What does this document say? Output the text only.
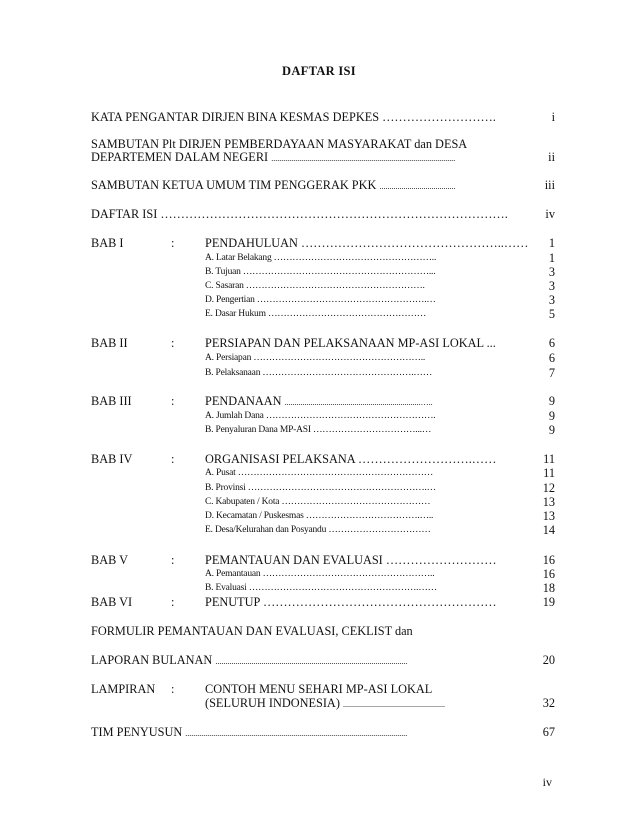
DAFTAR ISI
KATA PENGANTAR DIRJEN BINA KESMAS DEPKES ……………………….	i
SAMBUTAN Plt DIRJEN PEMBERDAYAAN MASYARAKAT dan DESA
DEPARTEMEN DALAM NEGERI ............................................................................................	ii
SAMBUTAN KETUA UMUM TIM PENGGERAK PKK ......................................	iii
DAFTAR ISI ………………………………………………………………………….	iv
BAB I	: PENDAHULUAN …………………………………………..……	1
A. Latar Belakang ……………………………………………..	1
B. Tujuan ……………………………………………………...	3
C. Sasaran ………………………………………………….	3
D. Pengertian ……………………………………………….…	3
E. Dasar Hukum ……………………………………………	5
BAB II	: PERSIAPAN DAN PELAKSANAAN MP-ASI LOKAL ...	6
A. Persiapan ………………………………………………..	6
B. Pelaksanaan ………………………………………….……	7
BAB III	: PENDANAAN ....................................................................…..	9
A. Jumlah Dana ……………………………………………….	9
B. Penyaluran Dana MP-ASI ……………………………...…	9
BAB IV	: ORGANISASI PELAKSANA ……………………….……	11
A. Pusat ………………………………………………………	11
B. Provinsi ………………………………………………….…	12
C. Kabupaten / Kota …………………………………………	13
D. Kecamatan / Puskesmas ……………………………….…..	13
E. Desa/Kelurahan dan Posyandu ……………………………	14
BAB V	: PEMANTAUAN DAN EVALUASI ………………………	16
A. Pemantauan ………………………………………………..	16
B. Evaluasi ……………………………………………….……	18
BAB VI	: PENUTUP …………………………………………………	19
FORMULIR PEMANTAUAN DAN EVALUASI, CEKLIST dan
LAPORAN BULANAN ................................................................................................	20
LAMPIRAN : CONTOH MENU SEHARI MP-ASI LOKAL
(SELURUH INDONESIA) ...................................................	32
TIM PENYUSUN ...............................................................................................................	67
iv
